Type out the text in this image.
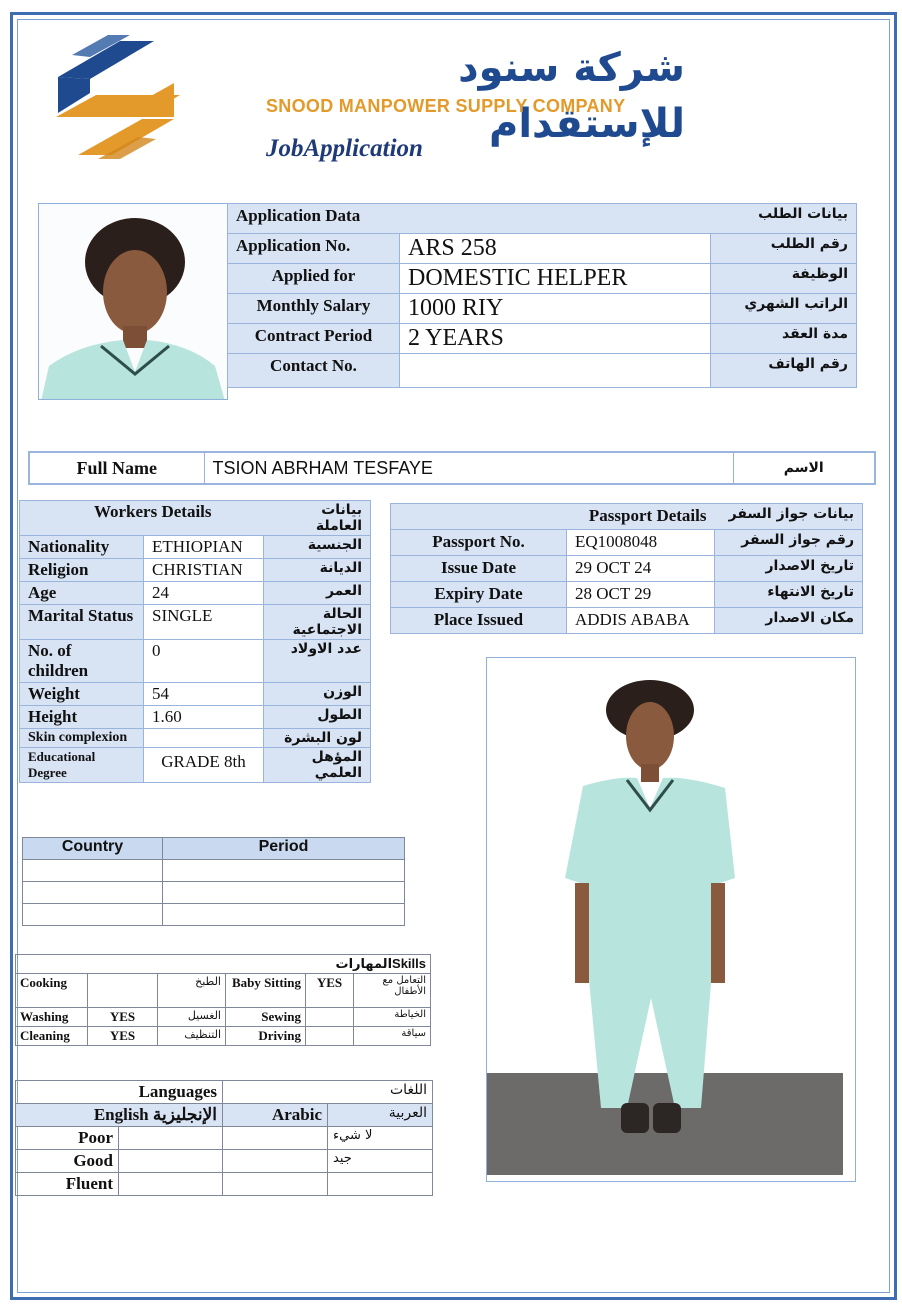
شركة سنود للإستقدام
SNOOD MANPOWER SUPPLY COMPANY
JobApplication
Application Data		بيانات الطلب
Application No.	ARS 258	رقم الطلب
Applied for	DOMESTIC HELPER	الوظيفة
Monthly Salary	1000 RIY	الراتب الشهري
Contract Period	2 YEARS	مدة العقد
Contact No.		رقم الهاتف
Full Name	TSION ABRHAM TESFAYE	الاسم
Workers Details		بيانات العاملة
Nationality	ETHIOPIAN	الجنسية
Religion	CHRISTIAN	الديانة
Age	24	العمر
Marital Status	SINGLE	الحالة الاجتماعية
No. of children	0	عدد الاولاد
Weight	54	الوزن
Height	1.60	الطول
Skin complexion		لون البشرة
Educational Degree	GRADE 8th	المؤهل العلمي
Passport Details		بيانات جواز السفر
Passport No.	EQ1008048	رقم جواز السفر
Issue Date	29 OCT 24	تاريخ الاصدار
Expiry Date	28 OCT 29	تاريخ الانتهاء
Place Issued	ADDIS ABABA	مكان الاصدار
Country	Period

المهاراتSkills					
Cooking		الطبخ	Baby Sitting	YES	التعامل مع الأطفال
Washing	YES	الغسيل	Sewing		الخياطة
Cleaning	YES	التنظيف	Driving		سياقة
Languages		اللغات	
English الإنجليزية		Arabic	العربية
Poor			لا شيء
Good			جيد
Fluent			
